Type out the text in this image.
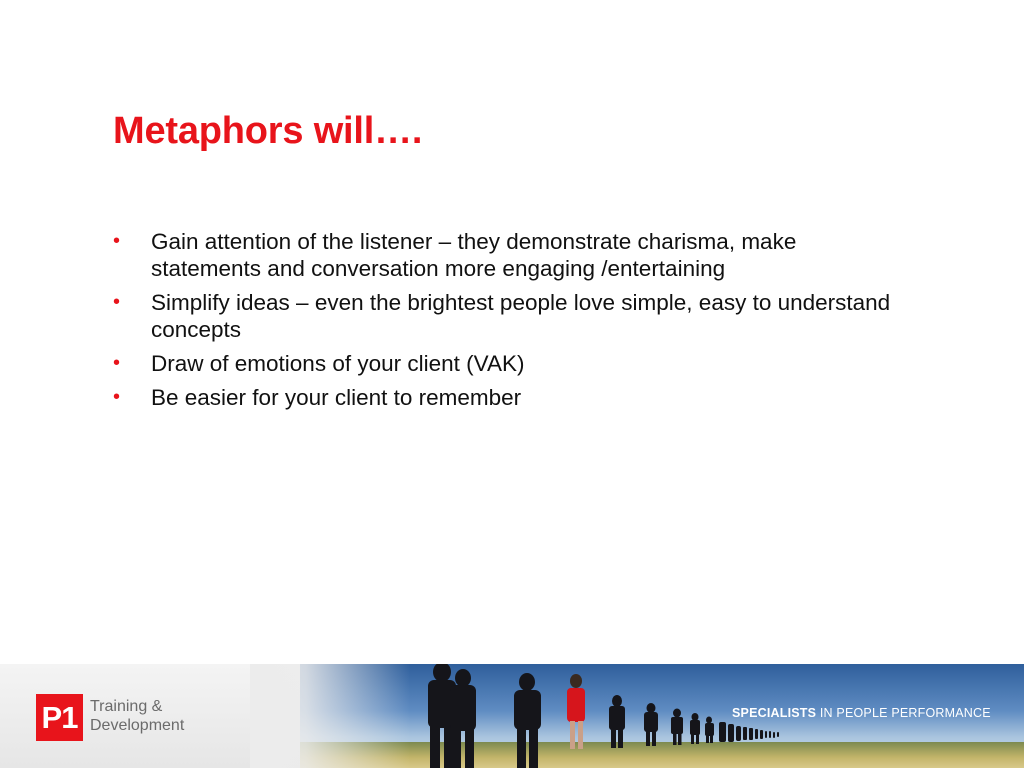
Metaphors will….
• Gain attention of the listener – they demonstrate charisma, make statements and conversation more engaging /entertaining
• Simplify ideas – even the brightest people love simple, easy to understand concepts
• Draw of emotions of your client (VAK)
• Be easier for your client to remember
P1 Training &
Development
SPECIALISTS IN PEOPLE PERFORMANCE
